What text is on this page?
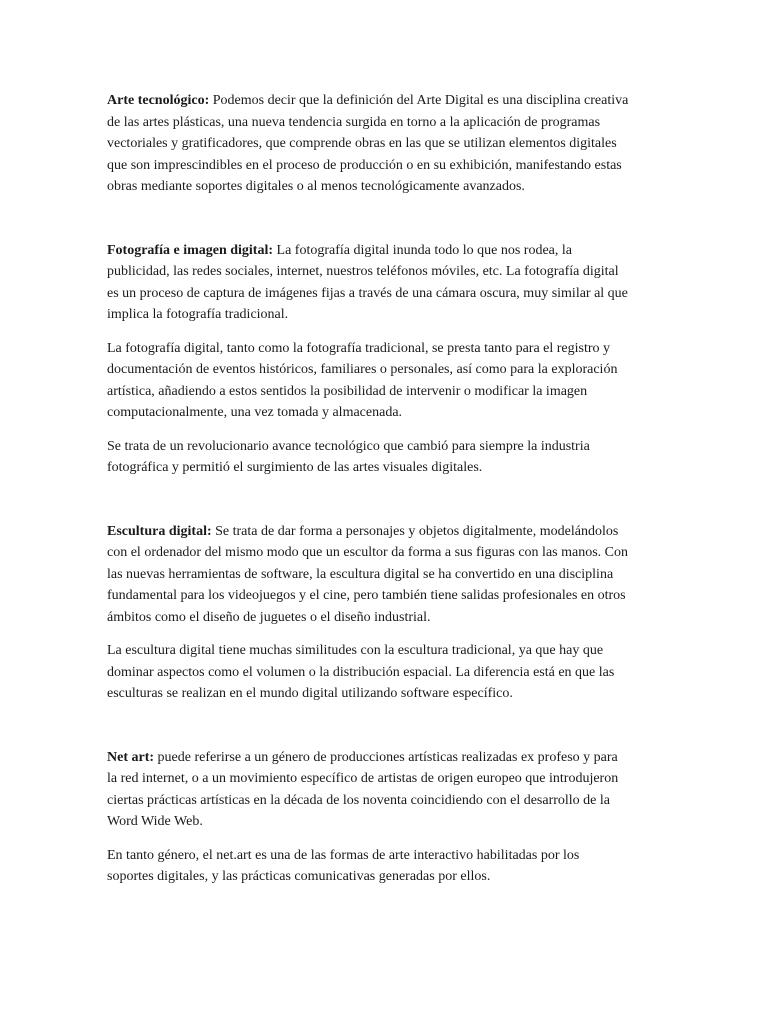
Arte tecnológico: Podemos decir que la definición del Arte Digital es una disciplina creativa de las artes plásticas, una nueva tendencia surgida en torno a la aplicación de programas vectoriales y gratificadores, que comprende obras en las que se utilizan elementos digitales que son imprescindibles en el proceso de producción o en su exhibición, manifestando estas obras mediante soportes digitales o al menos tecnológicamente avanzados.

Fotografía e imagen digital: La fotografía digital inunda todo lo que nos rodea, la publicidad, las redes sociales, internet, nuestros teléfonos móviles, etc. La fotografía digital es un proceso de captura de imágenes fijas a través de una cámara oscura, muy similar al que implica la fotografía tradicional.

La fotografía digital, tanto como la fotografía tradicional, se presta tanto para el registro y documentación de eventos históricos, familiares o personales, así como para la exploración artística, añadiendo a estos sentidos la posibilidad de intervenir o modificar la imagen computacionalmente, una vez tomada y almacenada.

Se trata de un revolucionario avance tecnológico que cambió para siempre la industria fotográfica y permitió el surgimiento de las artes visuales digitales.

Escultura digital: Se trata de dar forma a personajes y objetos digitalmente, modelándolos con el ordenador del mismo modo que un escultor da forma a sus figuras con las manos. Con las nuevas herramientas de software, la escultura digital se ha convertido en una disciplina fundamental para los videojuegos y el cine, pero también tiene salidas profesionales en otros ámbitos como el diseño de juguetes o el diseño industrial.

La escultura digital tiene muchas similitudes con la escultura tradicional, ya que hay que dominar aspectos como el volumen o la distribución espacial. La diferencia está en que las esculturas se realizan en el mundo digital utilizando software específico.

Net art: puede referirse a un género de producciones artísticas realizadas ex profeso y para la red internet, o a un movimiento específico de artistas de origen europeo que introdujeron ciertas prácticas artísticas en la década de los noventa coincidiendo con el desarrollo de la Word Wide Web.

En tanto género, el net.art es una de las formas de arte interactivo habilitadas por los soportes digitales, y las prácticas comunicativas generadas por ellos.
